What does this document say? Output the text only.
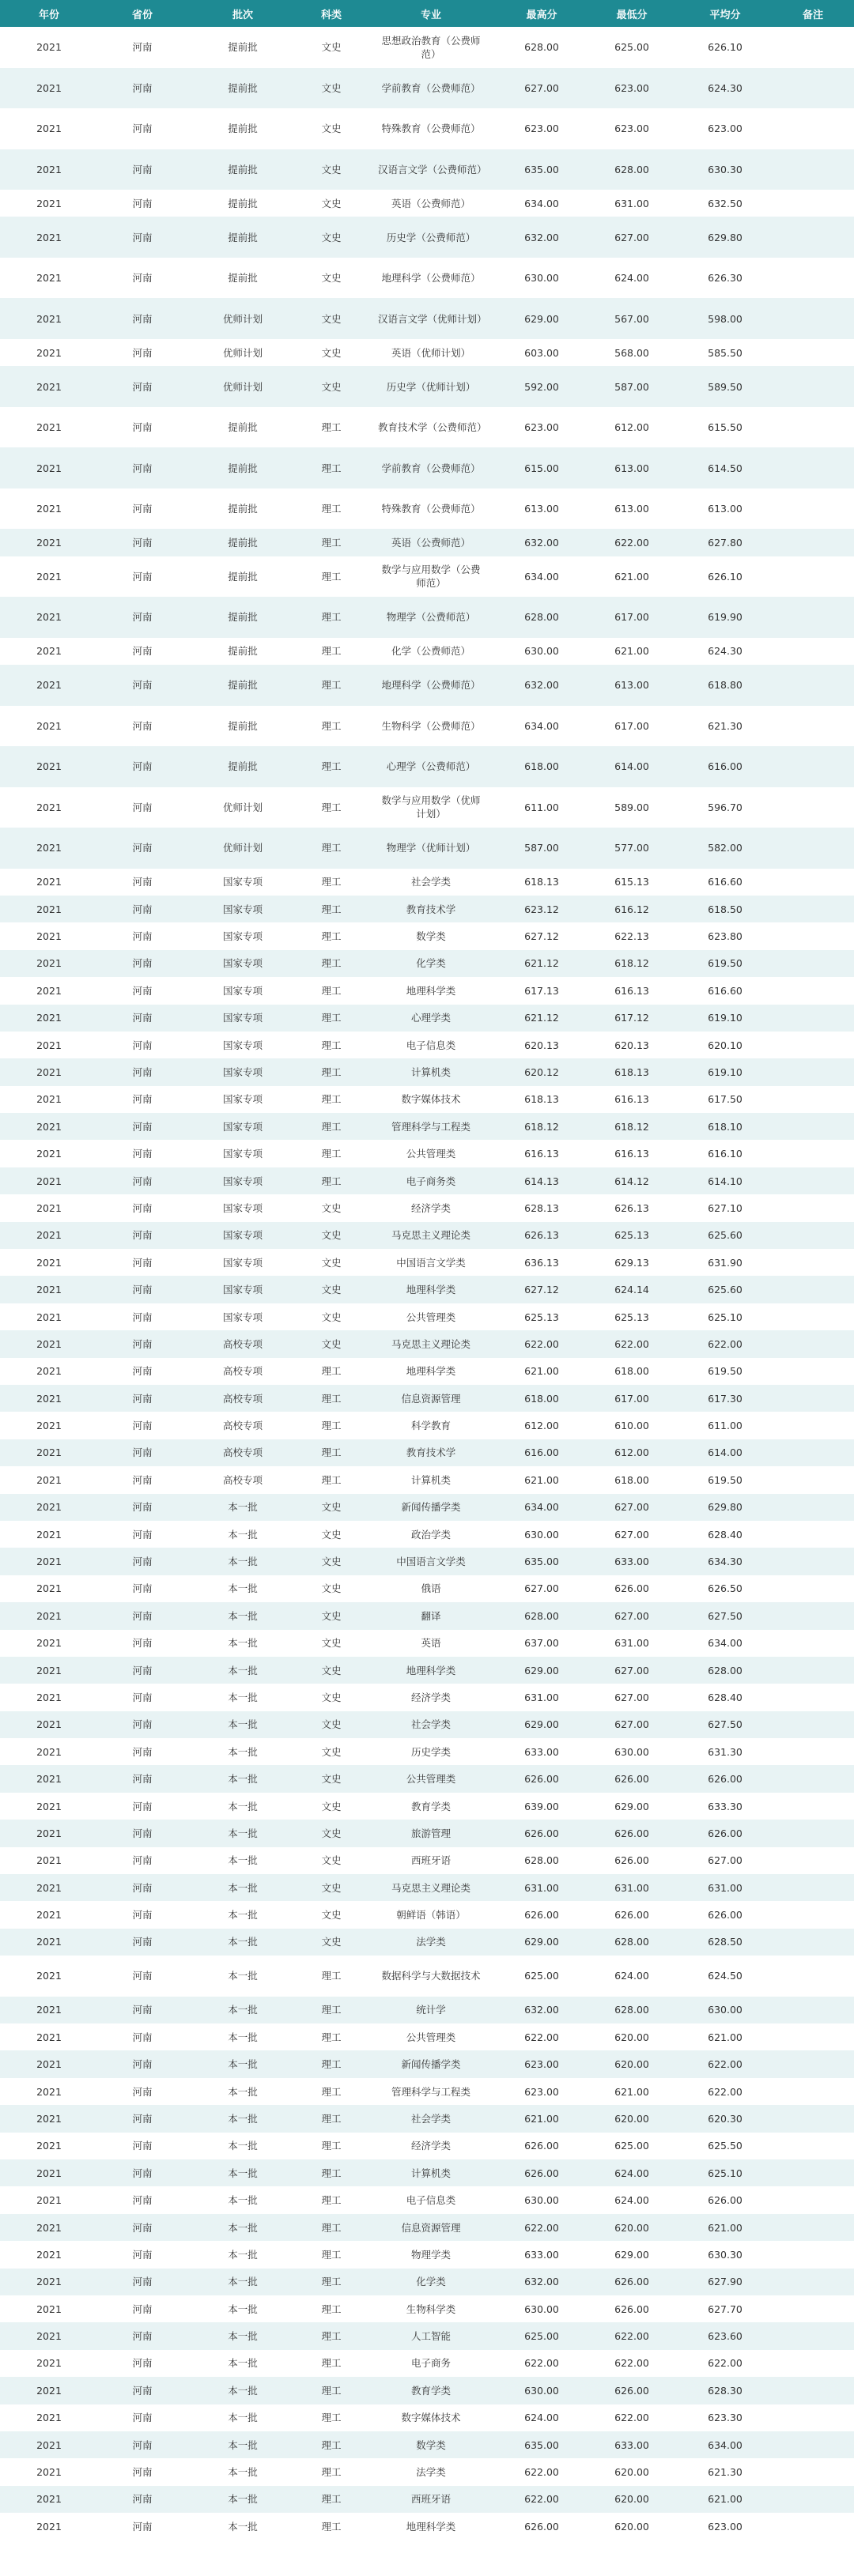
年份	省份	批次	科类	专业	最高分	最低分	平均分	备注
2021	河南	提前批	文史	思想政治教育（公费师范）	628.00	625.00	626.10	
2021	河南	提前批	文史	学前教育（公费师范）	627.00	623.00	624.30	
2021	河南	提前批	文史	特殊教育（公费师范）	623.00	623.00	623.00	
2021	河南	提前批	文史	汉语言文学（公费师范）	635.00	628.00	630.30	
2021	河南	提前批	文史	英语（公费师范）	634.00	631.00	632.50	
2021	河南	提前批	文史	历史学（公费师范）	632.00	627.00	629.80	
2021	河南	提前批	文史	地理科学（公费师范）	630.00	624.00	626.30	
2021	河南	优师计划	文史	汉语言文学（优师计划）	629.00	567.00	598.00	
2021	河南	优师计划	文史	英语（优师计划）	603.00	568.00	585.50	
2021	河南	优师计划	文史	历史学（优师计划）	592.00	587.00	589.50	
2021	河南	提前批	理工	教育技术学（公费师范）	623.00	612.00	615.50	
2021	河南	提前批	理工	学前教育（公费师范）	615.00	613.00	614.50	
2021	河南	提前批	理工	特殊教育（公费师范）	613.00	613.00	613.00	
2021	河南	提前批	理工	英语（公费师范）	632.00	622.00	627.80	
2021	河南	提前批	理工	数学与应用数学（公费师范）	634.00	621.00	626.10	
2021	河南	提前批	理工	物理学（公费师范）	628.00	617.00	619.90	
2021	河南	提前批	理工	化学（公费师范）	630.00	621.00	624.30	
2021	河南	提前批	理工	地理科学（公费师范）	632.00	613.00	618.80	
2021	河南	提前批	理工	生物科学（公费师范）	634.00	617.00	621.30	
2021	河南	提前批	理工	心理学（公费师范）	618.00	614.00	616.00	
2021	河南	优师计划	理工	数学与应用数学（优师计划）	611.00	589.00	596.70	
2021	河南	优师计划	理工	物理学（优师计划）	587.00	577.00	582.00	
2021	河南	国家专项	理工	社会学类	618.13	615.13	616.60	
2021	河南	国家专项	理工	教育技术学	623.12	616.12	618.50	
2021	河南	国家专项	理工	数学类	627.12	622.13	623.80	
2021	河南	国家专项	理工	化学类	621.12	618.12	619.50	
2021	河南	国家专项	理工	地理科学类	617.13	616.13	616.60	
2021	河南	国家专项	理工	心理学类	621.12	617.12	619.10	
2021	河南	国家专项	理工	电子信息类	620.13	620.13	620.10	
2021	河南	国家专项	理工	计算机类	620.12	618.13	619.10	
2021	河南	国家专项	理工	数字媒体技术	618.13	616.13	617.50	
2021	河南	国家专项	理工	管理科学与工程类	618.12	618.12	618.10	
2021	河南	国家专项	理工	公共管理类	616.13	616.13	616.10	
2021	河南	国家专项	理工	电子商务类	614.13	614.12	614.10	
2021	河南	国家专项	文史	经济学类	628.13	626.13	627.10	
2021	河南	国家专项	文史	马克思主义理论类	626.13	625.13	625.60	
2021	河南	国家专项	文史	中国语言文学类	636.13	629.13	631.90	
2021	河南	国家专项	文史	地理科学类	627.12	624.14	625.60	
2021	河南	国家专项	文史	公共管理类	625.13	625.13	625.10	
2021	河南	高校专项	文史	马克思主义理论类	622.00	622.00	622.00	
2021	河南	高校专项	理工	地理科学类	621.00	618.00	619.50	
2021	河南	高校专项	理工	信息资源管理	618.00	617.00	617.30	
2021	河南	高校专项	理工	科学教育	612.00	610.00	611.00	
2021	河南	高校专项	理工	教育技术学	616.00	612.00	614.00	
2021	河南	高校专项	理工	计算机类	621.00	618.00	619.50	
2021	河南	本一批	文史	新闻传播学类	634.00	627.00	629.80	
2021	河南	本一批	文史	政治学类	630.00	627.00	628.40	
2021	河南	本一批	文史	中国语言文学类	635.00	633.00	634.30	
2021	河南	本一批	文史	俄语	627.00	626.00	626.50	
2021	河南	本一批	文史	翻译	628.00	627.00	627.50	
2021	河南	本一批	文史	英语	637.00	631.00	634.00	
2021	河南	本一批	文史	地理科学类	629.00	627.00	628.00	
2021	河南	本一批	文史	经济学类	631.00	627.00	628.40	
2021	河南	本一批	文史	社会学类	629.00	627.00	627.50	
2021	河南	本一批	文史	历史学类	633.00	630.00	631.30	
2021	河南	本一批	文史	公共管理类	626.00	626.00	626.00	
2021	河南	本一批	文史	教育学类	639.00	629.00	633.30	
2021	河南	本一批	文史	旅游管理	626.00	626.00	626.00	
2021	河南	本一批	文史	西班牙语	628.00	626.00	627.00	
2021	河南	本一批	文史	马克思主义理论类	631.00	631.00	631.00	
2021	河南	本一批	文史	朝鲜语（韩语）	626.00	626.00	626.00	
2021	河南	本一批	文史	法学类	629.00	628.00	628.50	
2021	河南	本一批	理工	数据科学与大数据技术	625.00	624.00	624.50	
2021	河南	本一批	理工	统计学	632.00	628.00	630.00	
2021	河南	本一批	理工	公共管理类	622.00	620.00	621.00	
2021	河南	本一批	理工	新闻传播学类	623.00	620.00	622.00	
2021	河南	本一批	理工	管理科学与工程类	623.00	621.00	622.00	
2021	河南	本一批	理工	社会学类	621.00	620.00	620.30	
2021	河南	本一批	理工	经济学类	626.00	625.00	625.50	
2021	河南	本一批	理工	计算机类	626.00	624.00	625.10	
2021	河南	本一批	理工	电子信息类	630.00	624.00	626.00	
2021	河南	本一批	理工	信息资源管理	622.00	620.00	621.00	
2021	河南	本一批	理工	物理学类	633.00	629.00	630.30	
2021	河南	本一批	理工	化学类	632.00	626.00	627.90	
2021	河南	本一批	理工	生物科学类	630.00	626.00	627.70	
2021	河南	本一批	理工	人工智能	625.00	622.00	623.60	
2021	河南	本一批	理工	电子商务	622.00	622.00	622.00	
2021	河南	本一批	理工	教育学类	630.00	626.00	628.30	
2021	河南	本一批	理工	数字媒体技术	624.00	622.00	623.30	
2021	河南	本一批	理工	数学类	635.00	633.00	634.00	
2021	河南	本一批	理工	法学类	622.00	620.00	621.30	
2021	河南	本一批	理工	西班牙语	622.00	620.00	621.00	
2021	河南	本一批	理工	地理科学类	626.00	620.00	623.00	
